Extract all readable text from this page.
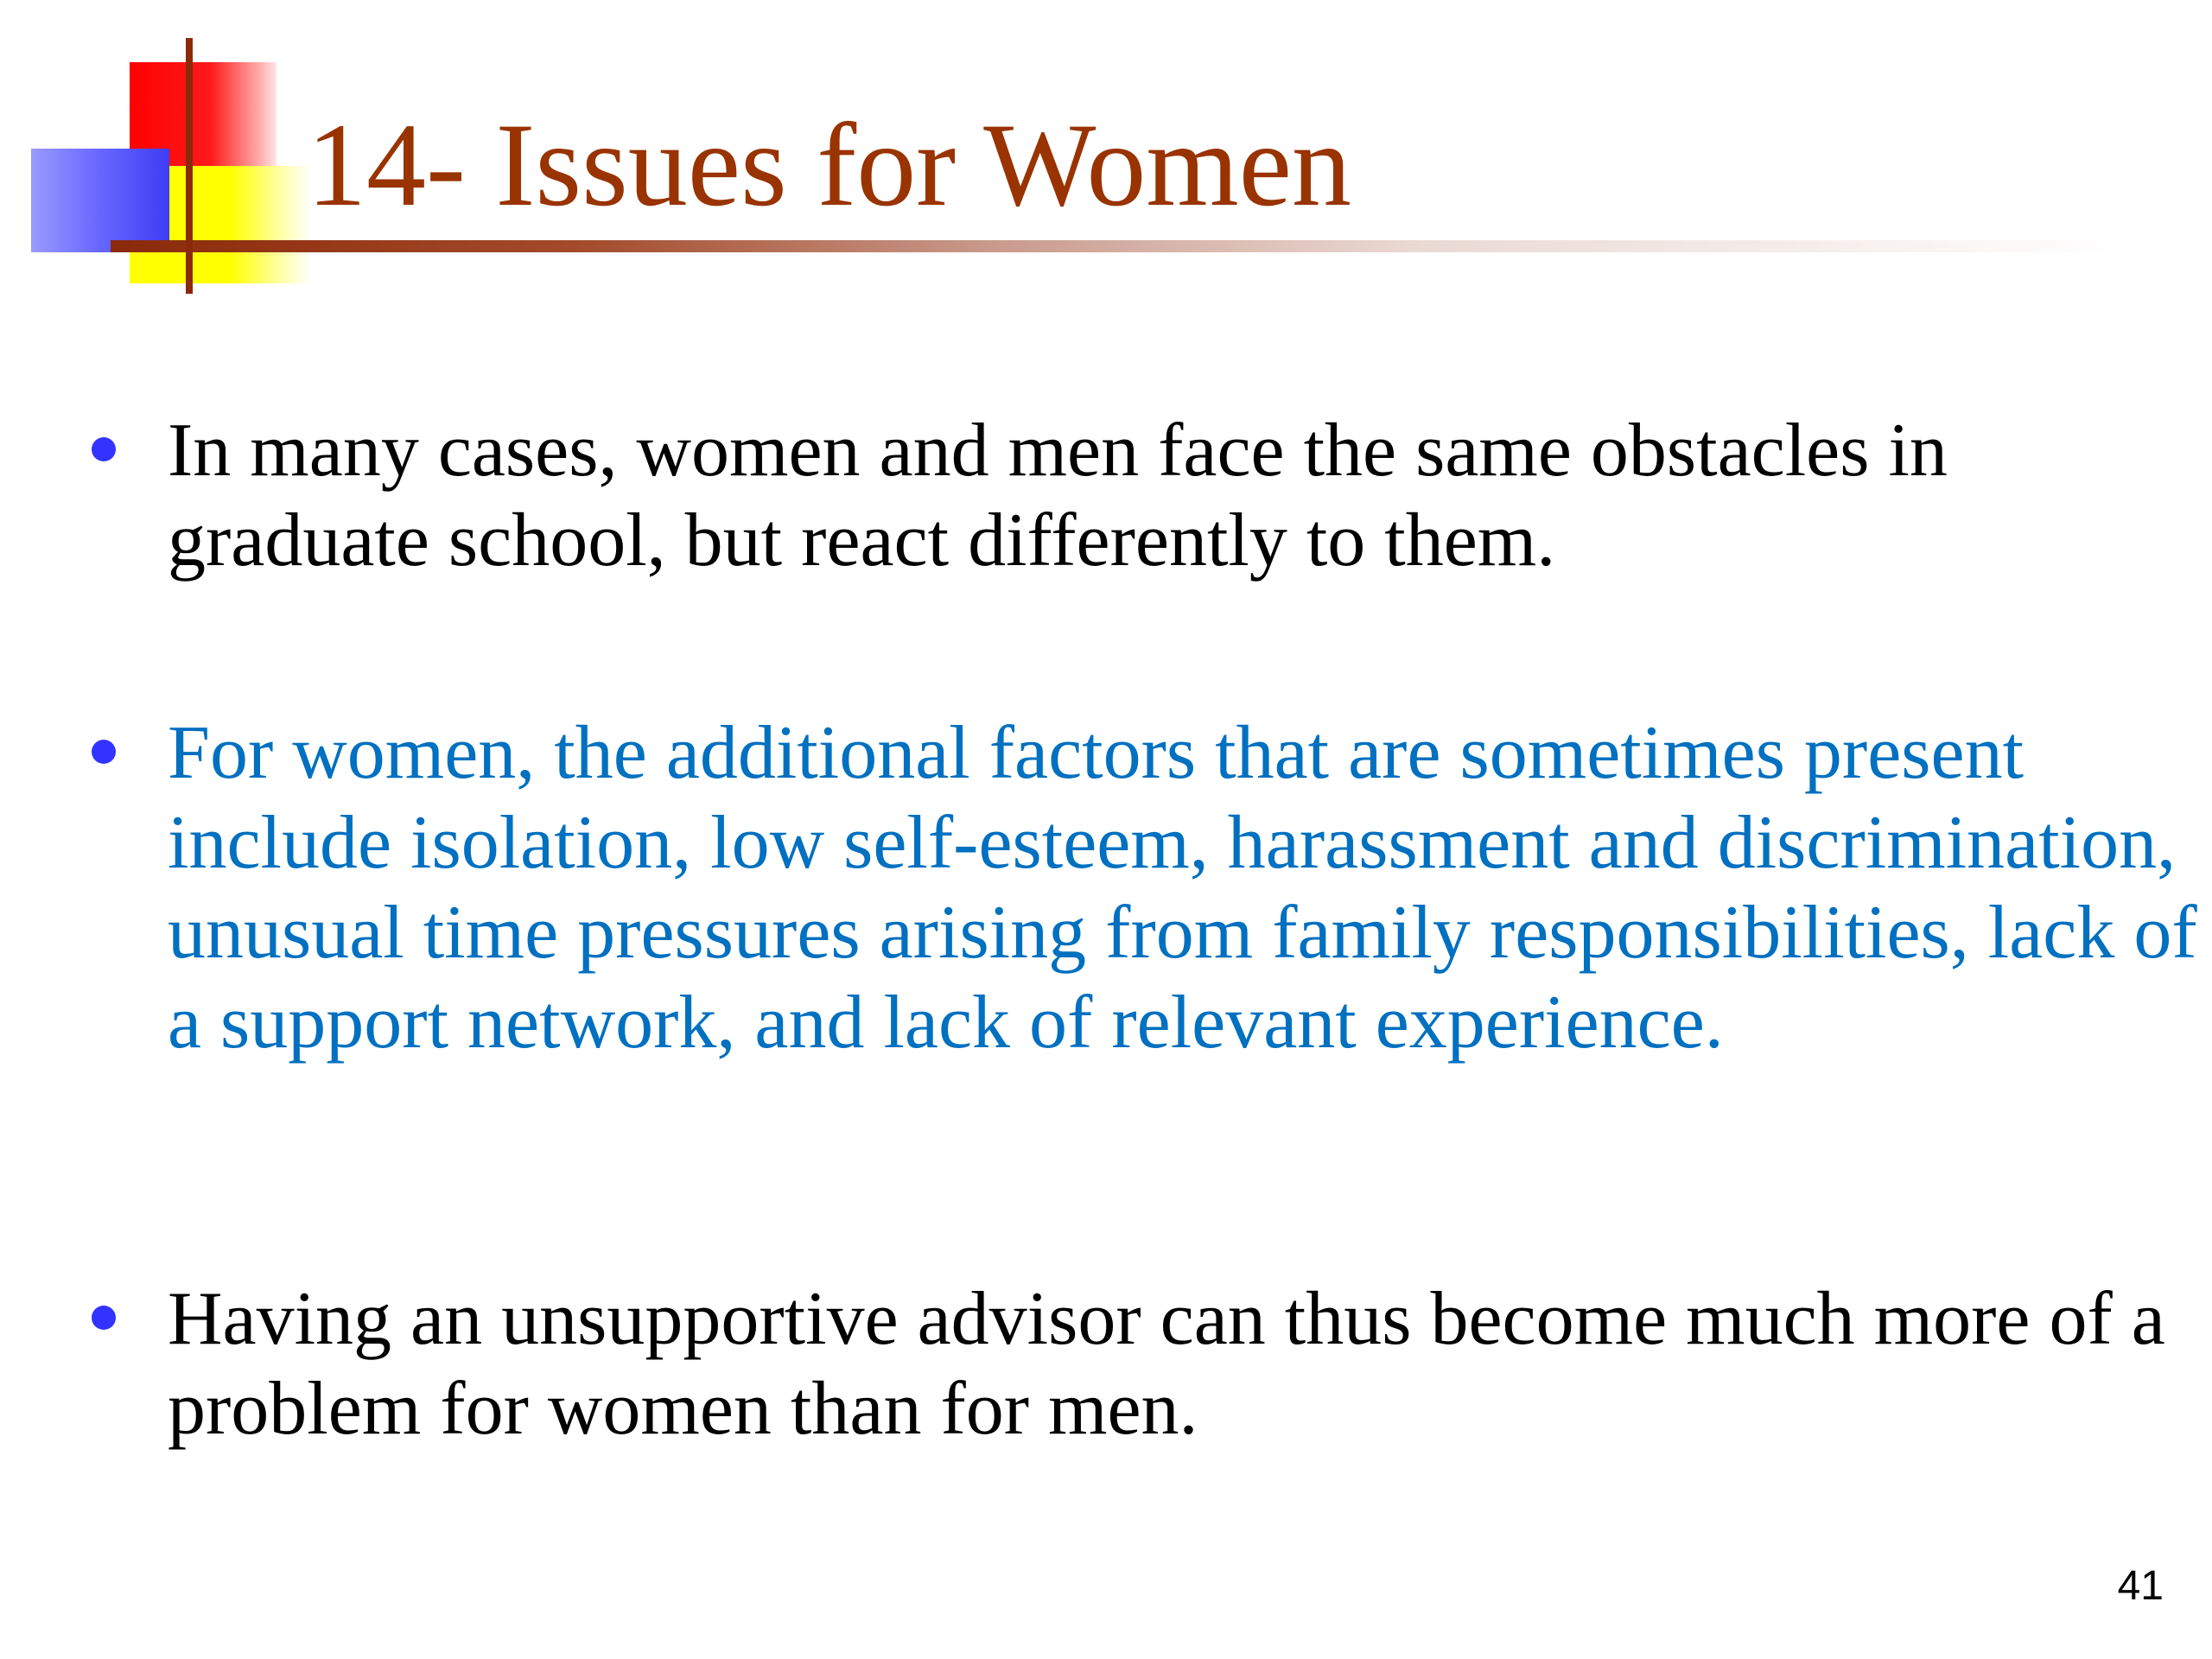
14- Issues for Women

In many cases, women and men face the same obstacles in graduate school, but react differently to them.

For women, the additional factors that are sometimes present include isolation, low self-esteem, harassment and discrimination, unusual time pressures arising from family responsibilities, lack of a support network, and lack of relevant experience.

Having an unsupportive advisor can thus become much more of a problem for women than for men.

41
